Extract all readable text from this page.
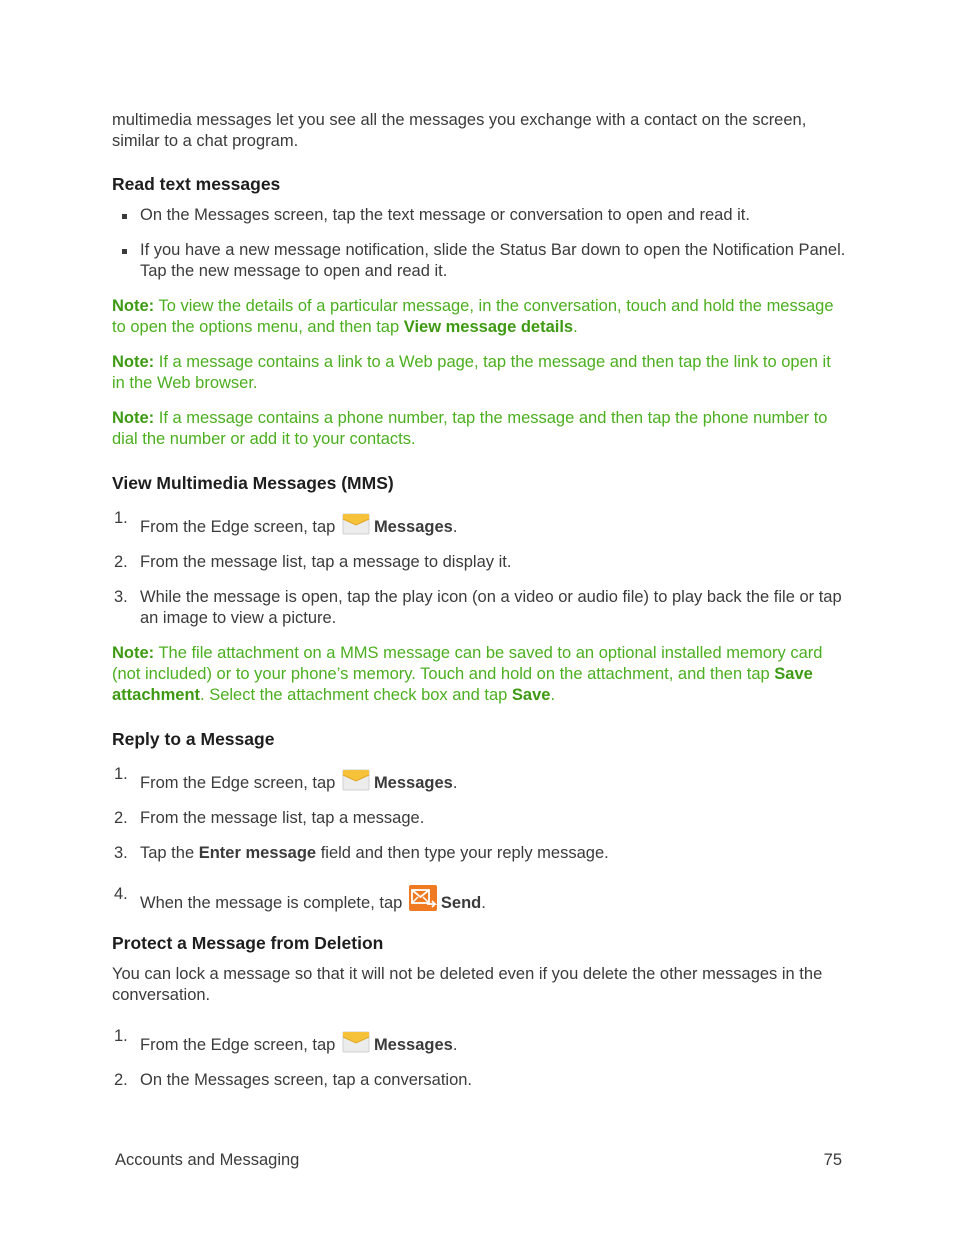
multimedia messages let you see all the messages you exchange with a contact on the screen, similar to a chat program.

Read text messages
On the Messages screen, tap the text message or conversation to open and read it.
If you have a new message notification, slide the Status Bar down to open the Notification Panel. Tap the new message to open and read it.

Note: To view the details of a particular message, in the conversation, touch and hold the message to open the options menu, and then tap View message details.

Note: If a message contains a link to a Web page, tap the message and then tap the link to open it in the Web browser.

Note: If a message contains a phone number, tap the message and then tap the phone number to dial the number or add it to your contacts.

View Multimedia Messages (MMS)
1. From the Edge screen, tap Messages.
2. From the message list, tap a message to display it.
3. While the message is open, tap the play icon (on a video or audio file) to play back the file or tap an image to view a picture.

Note: The file attachment on a MMS message can be saved to an optional installed memory card (not included) or to your phone’s memory. Touch and hold on the attachment, and then tap Save attachment. Select the attachment check box and tap Save.

Reply to a Message
1. From the Edge screen, tap Messages.
2. From the message list, tap a message.
3. Tap the Enter message field and then type your reply message.
4. When the message is complete, tap Send.
Protect a Message from Deletion

You can lock a message so that it will not be deleted even if you delete the other messages in the conversation.

1. From the Edge screen, tap Messages.
2. On the Messages screen, tap a conversation.
Accounts and Messaging	75
